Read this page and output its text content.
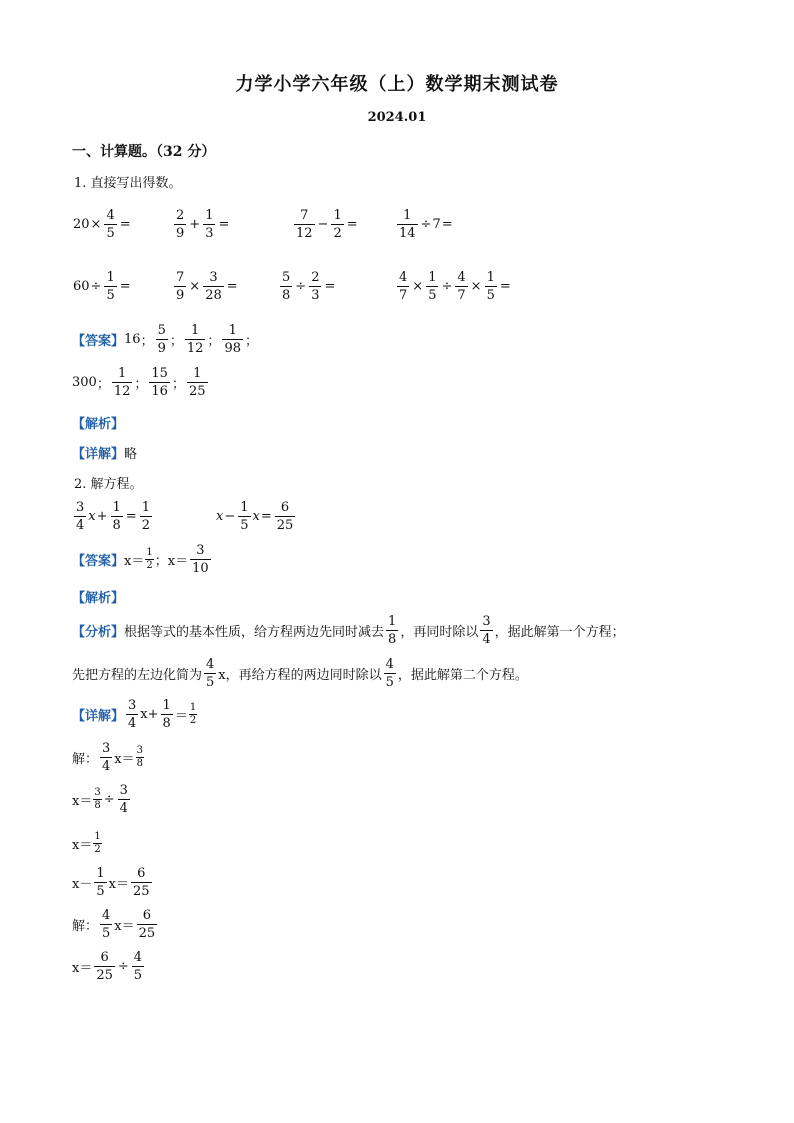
力学小学六年级（上）数学期末测试卷
2024.01
一、计算题。（32 分）
1. 直接写出得数。
$20 \times \frac{4}{5}$ =	$\frac{2}{9} + \frac{1}{3}$ =	$\frac{7}{12} - \frac{1}{2}$ =	$\frac{1}{14} \div 7$ =
$60 \div \frac{1}{5}$ =	$\frac{7}{9} \times \frac{3}{28}$ =	$\frac{5}{8} \div \frac{2}{3}$ =	$\frac{4}{7} \times \frac{1}{5} \div \frac{4}{7} \times \frac{1}{5}$ =
【答案】 16 ； $\frac{5}{9}$ ； $\frac{1}{12}$ ； $\frac{1}{98}$ ；
300 ； $\frac{1}{12}$ ； $\frac{15}{16}$ ； $\frac{1}{25}$
【解析】
【详解】略
2. 解方程。
$\frac{3}{4}$ $x + \frac{1}{8} = \frac{1}{2}$	$x - \frac{1}{5}$ $x = \frac{6}{25}$
【答案】 $x= \frac{1}{2}$ ； $x= \frac{3}{10}$
【解析】
【分析】 根据等式的基本性质，给方程两边先同时减去 $\frac{1}{8}$ ，再同时除以 $\frac{3}{4}$ ，据此解第一个方程；
先把方程的左边化简为 $\frac{4}{5}$ x，再给方程的两边同时除以 $\frac{4}{5}$ ，据此解第二个方程。
【详解】 $\frac{3}{4} x+ \frac{1}{8} = \frac{1}{2}$
解： $\frac{3}{4} x= \frac{3}{8}$
$x= \frac{3}{8} \div \frac{3}{4}$
$x= \frac{1}{2}$
$x- \frac{1}{5} x= \frac{6}{25}$
解： $\frac{4}{5} x= \frac{6}{25}$
$x= \frac{6}{25} \div \frac{4}{5}$
